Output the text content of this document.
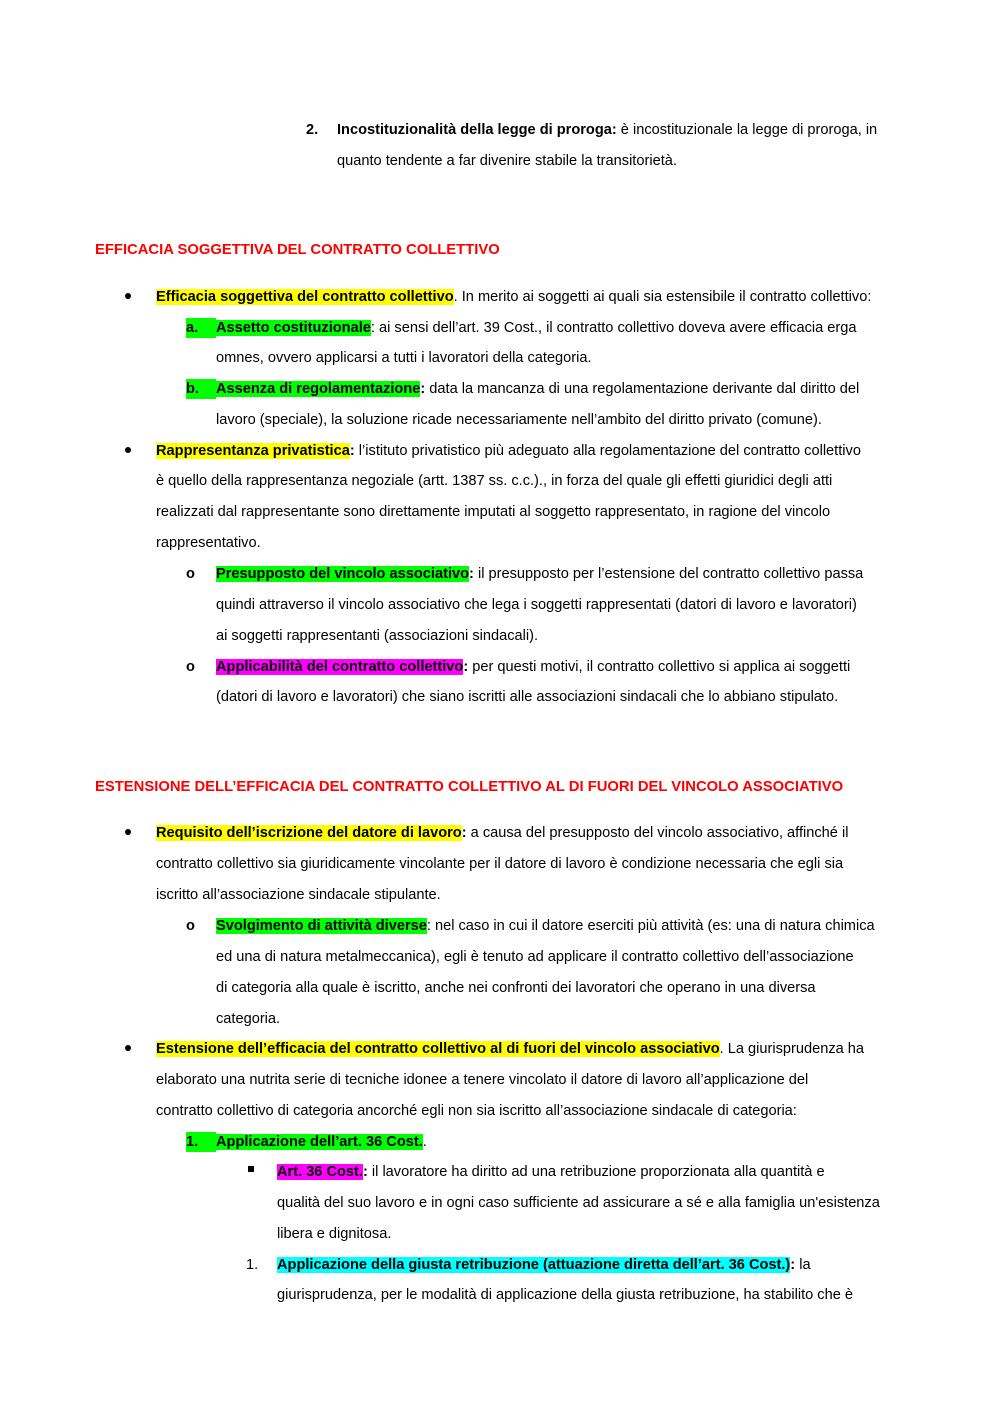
2. Incostituzionalità della legge di proroga: è incostituzionale la legge di proroga, in
quanto tendente a far divenire stabile la transitorietà.
EFFICACIA SOGGETTIVA DEL CONTRATTO COLLETTIVO
Efficacia soggettiva del contratto collettivo. In merito ai soggetti ai quali sia estensibile il contratto collettivo:
a.	Assetto costituzionale: ai sensi dell’art. 39 Cost., il contratto collettivo doveva avere efficacia erga
omnes, ovvero applicarsi a tutti i lavoratori della categoria.
b.	Assenza di regolamentazione: data la mancanza di una regolamentazione derivante dal diritto del
lavoro (speciale), la soluzione ricade necessariamente nell’ambito del diritto privato (comune).
Rappresentanza privatistica: l’istituto privatistico più adeguato alla regolamentazione del contratto collettivo
è quello della rappresentanza negoziale (artt. 1387 ss. c.c.)., in forza del quale gli effetti giuridici degli atti
realizzati dal rappresentante sono direttamente imputati al soggetto rappresentato, in ragione del vincolo
rappresentativo.
o Presupposto del vincolo associativo: il presupposto per l’estensione del contratto collettivo passa
quindi attraverso il vincolo associativo che lega i soggetti rappresentati (datori di lavoro e lavoratori)
ai soggetti rappresentanti (associazioni sindacali).
o Applicabilità del contratto collettivo: per questi motivi, il contratto collettivo si applica ai soggetti
(datori di lavoro e lavoratori) che siano iscritti alle associazioni sindacali che lo abbiano stipulato.
ESTENSIONE DELL’EFFICACIA DEL CONTRATTO COLLETTIVO AL DI FUORI DEL VINCOLO ASSOCIATIVO
Requisito dell’iscrizione del datore di lavoro: a causa del presupposto del vincolo associativo, affinché il
contratto collettivo sia giuridicamente vincolante per il datore di lavoro è condizione necessaria che egli sia
iscritto all’associazione sindacale stipulante.
o Svolgimento di attività diverse: nel caso in cui il datore eserciti più attività (es: una di natura chimica
ed una di natura metalmeccanica), egli è tenuto ad applicare il contratto collettivo dell’associazione
di categoria alla quale è iscritto, anche nei confronti dei lavoratori che operano in una diversa
categoria.
Estensione dell’efficacia del contratto collettivo al di fuori del vincolo associativo. La giurisprudenza ha
elaborato una nutrita serie di tecniche idonee a tenere vincolato il datore di lavoro all’applicazione del
contratto collettivo di categoria ancorché egli non sia iscritto all’associazione sindacale di categoria:
1.	Applicazione dell’art. 36 Cost..
Art. 36 Cost.: il lavoratore ha diritto ad una retribuzione proporzionata alla quantità e
qualità del suo lavoro e in ogni caso sufficiente ad assicurare a sé e alla famiglia un'esistenza
libera e dignitosa.
1. Applicazione della giusta retribuzione (attuazione diretta dell’art. 36 Cost.): la
giurisprudenza, per le modalità di applicazione della giusta retribuzione, ha stabilito che è
